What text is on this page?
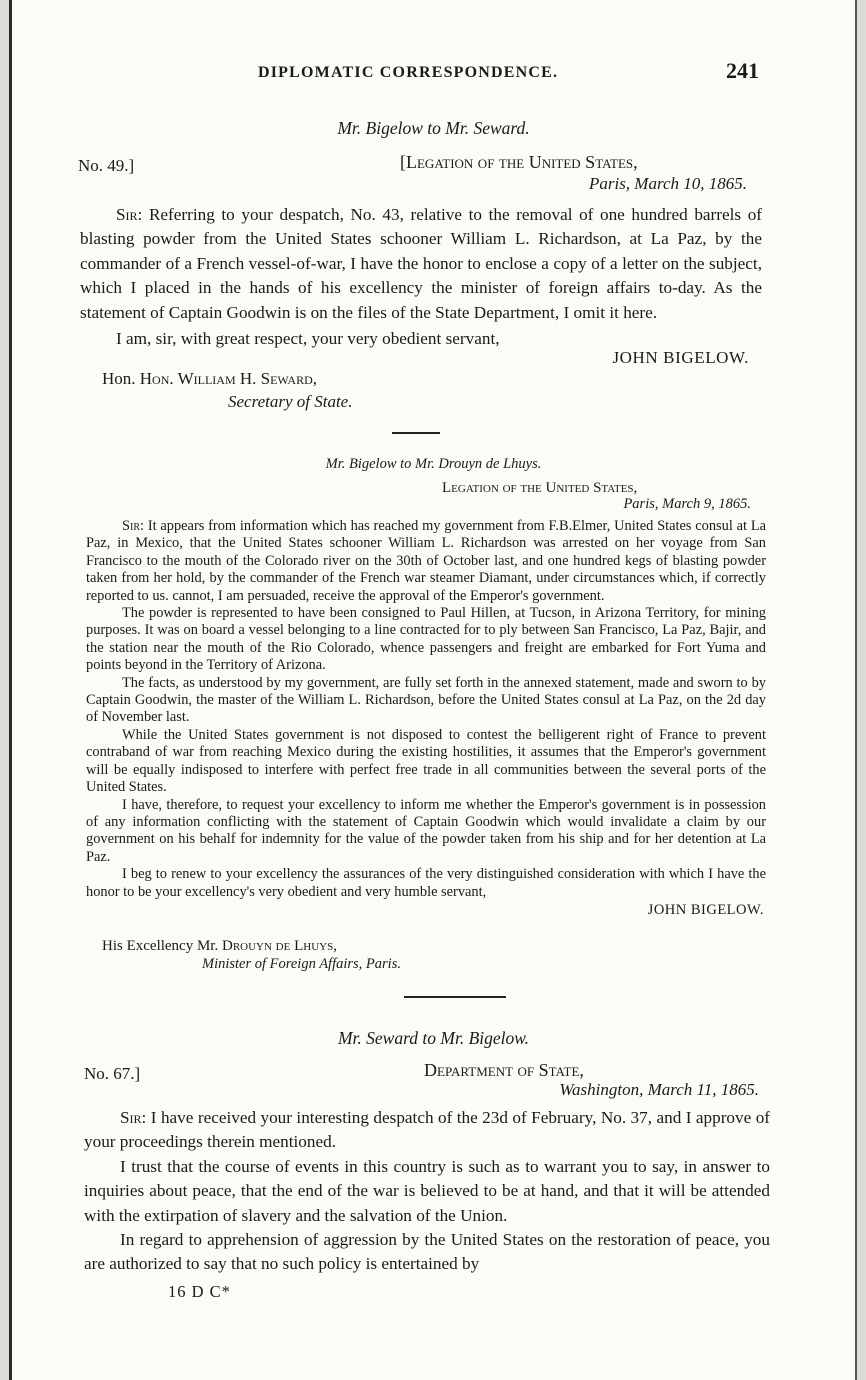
DIPLOMATIC CORRESPONDENCE.	241
Mr. Bigelow to Mr. Seward.
No. 49.]	[Legation of the United States,
Paris, March 10, 1865.

Sir: Referring to your despatch, No. 43, relative to the removal of one hundred barrels of blasting powder from the United States schooner William L. Richardson, at La Paz, by the commander of a French vessel-of-war, I have the honor to enclose a copy of a letter on the subject, which I placed in the hands of his excellency the minister of foreign affairs to-day. As the statement of Captain Goodwin is on the files of the State Department, I omit it here.

I am, sir, with great respect, your very obedient servant,

JOHN BIGELOW.
Hon. Hon. William H. Seward,
Secretary of State.
Mr. Bigelow to Mr. Drouyn de Lhuys.
Legation of the United States,
Paris, March 9, 1865.

Sir: It appears from information which has reached my government from F.B.Elmer, United States consul at La Paz, in Mexico, that the United States schooner William L. Richardson was arrested on her voyage from San Francisco to the mouth of the Colorado river on the 30th of October last, and one hundred kegs of blasting powder taken from her hold, by the commander of the French war steamer Diamant, under circumstances which, if correctly reported to us. cannot, I am persuaded, receive the approval of the Emperor's government.

The powder is represented to have been consigned to Paul Hillen, at Tucson, in Arizona Territory, for mining purposes. It was on board a vessel belonging to a line contracted for to ply between San Francisco, La Paz, Bajir, and the station near the mouth of the Rio Colorado, whence passengers and freight are embarked for Fort Yuma and points beyond in the Territory of Arizona.

The facts, as understood by my government, are fully set forth in the annexed statement, made and sworn to by Captain Goodwin, the master of the William L. Richardson, before the United States consul at La Paz, on the 2d day of November last.

While the United States government is not disposed to contest the belligerent right of France to prevent contraband of war from reaching Mexico during the existing hostilities, it assumes that the Emperor's government will be equally indisposed to interfere with perfect free trade in all communities between the several ports of the United States.

I have, therefore, to request your excellency to inform me whether the Emperor's government is in possession of any information conflicting with the statement of Captain Goodwin which would invalidate a claim by our government on his behalf for indemnity for the value of the powder taken from his ship and for her detention at La Paz.

I beg to renew to your excellency the assurances of the very distinguished consideration with which I have the honor to be your excellency's very obedient and very humble servant,

JOHN BIGELOW.
His Excellency Mr. Drouyn de Lhuys,
Minister of Foreign Affairs, Paris.
Mr. Seward to Mr. Bigelow.
No. 67.]	Department of State,
Washington, March 11, 1865.

Sir: I have received your interesting despatch of the 23d of February, No. 37, and I approve of your proceedings therein mentioned.

I trust that the course of events in this country is such as to warrant you to say, in answer to inquiries about peace, that the end of the war is believed to be at hand, and that it will be attended with the extirpation of slavery and the salvation of the Union.

In regard to apprehension of aggression by the United States on the restoration of peace, you are authorized to say that no such policy is entertained by

16 D C*
